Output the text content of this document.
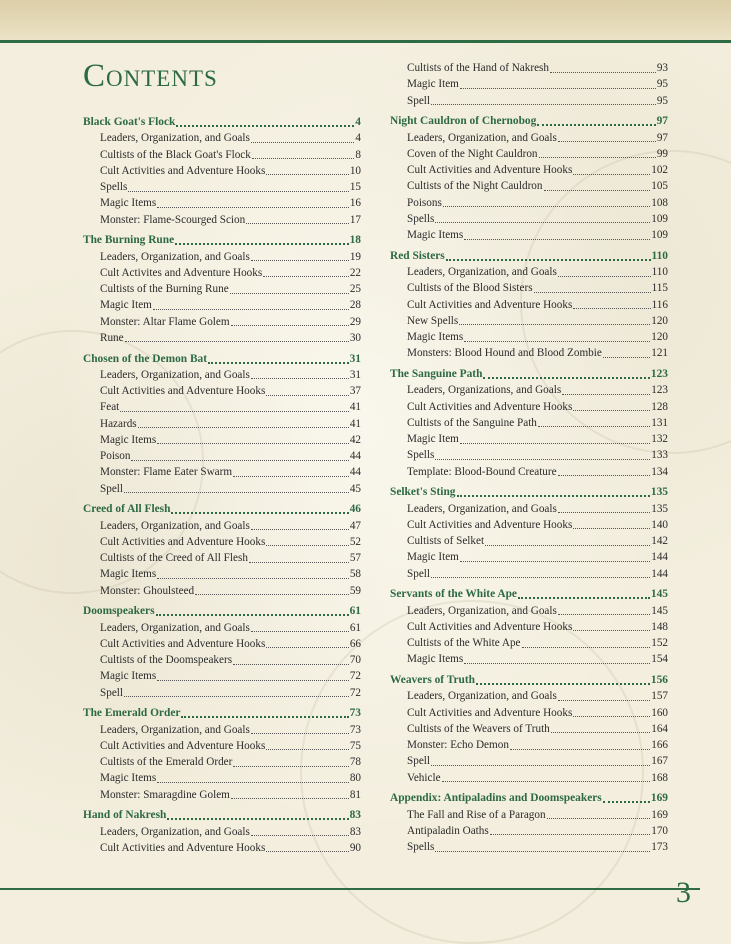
Contents
Black Goat's Flock	4
Leaders, Organization, and Goals	4
Cultists of the Black Goat's Flock	8
Cult Activities and Adventure Hooks	10
Spells	15
Magic Items	16
Monster: Flame-Scourged Scion	17
The Burning Rune	18
Leaders, Organization, and Goals	19
Cult Activites and Adventure Hooks	22
Cultists of the Burning Rune	25
Magic Item	28
Monster: Altar Flame Golem	29
Rune	30
Chosen of the Demon Bat	31
Leaders, Organization, and Goals	31
Cult Activities and Adventure Hooks	37
Feat	41
Hazards	41
Magic Items	42
Poison	44
Monster: Flame Eater Swarm	44
Spell	45
Creed of All Flesh	46
Leaders, Organization, and Goals	47
Cult Activities and Adventure Hooks	52
Cultists of the Creed of All Flesh	57
Magic Items	58
Monster: Ghoulsteed	59
Doomspeakers	61
Leaders, Organization, and Goals	61
Cult Activities and Adventure Hooks	66
Cultists of the Doomspeakers	70
Magic Items	72
Spell	72
The Emerald Order	73
Leaders, Organization, and Goals	73
Cult Activities and Adventure Hooks	75
Cultists of the Emerald Order	78
Magic Items	80
Monster: Smaragdine Golem	81
Hand of Nakresh	83
Leaders, Organization, and Goals	83
Cult Activities and Adventure Hooks	90
Cultists of the Hand of Nakresh	93
Magic Item	95
Spell	95
Night Cauldron of Chernobog	97
Leaders, Organization, and Goals	97
Coven of the Night Cauldron	99
Cult Activities and Adventure Hooks	102
Cultists of the Night Cauldron	105
Poisons	108
Spells	109
Magic Items	109
Red Sisters	110
Leaders, Organization, and Goals	110
Cultists of the Blood Sisters	115
Cult Activities and Adventure Hooks	116
New Spells	120
Magic Items	120
Monsters: Blood Hound and Blood Zombie	121
The Sanguine Path	123
Leaders, Organizations, and Goals	123
Cult Activities and Adventure Hooks	128
Cultists of the Sanguine Path	131
Magic Item	132
Spells	133
Template: Blood-Bound Creature	134
Selket's Sting	135
Leaders, Organization, and Goals	135
Cult Activities and Adventure Hooks	140
Cultists of Selket	142
Magic Item	144
Spell	144
Servants of the White Ape	145
Leaders, Organization, and Goals	145
Cult Activities and Adventure Hooks	148
Cultists of the White Ape	152
Magic Items	154
Weavers of Truth	156
Leaders, Organization, and Goals	157
Cult Activities and Adventure Hooks	160
Cultists of the Weavers of Truth	164
Monster: Echo Demon	166
Spell	167
Vehicle	168
Appendix: Antipaladins and Doomspeakers	169
The Fall and Rise of a Paragon	169
Antipaladin Oaths	170
Spells	173
3
